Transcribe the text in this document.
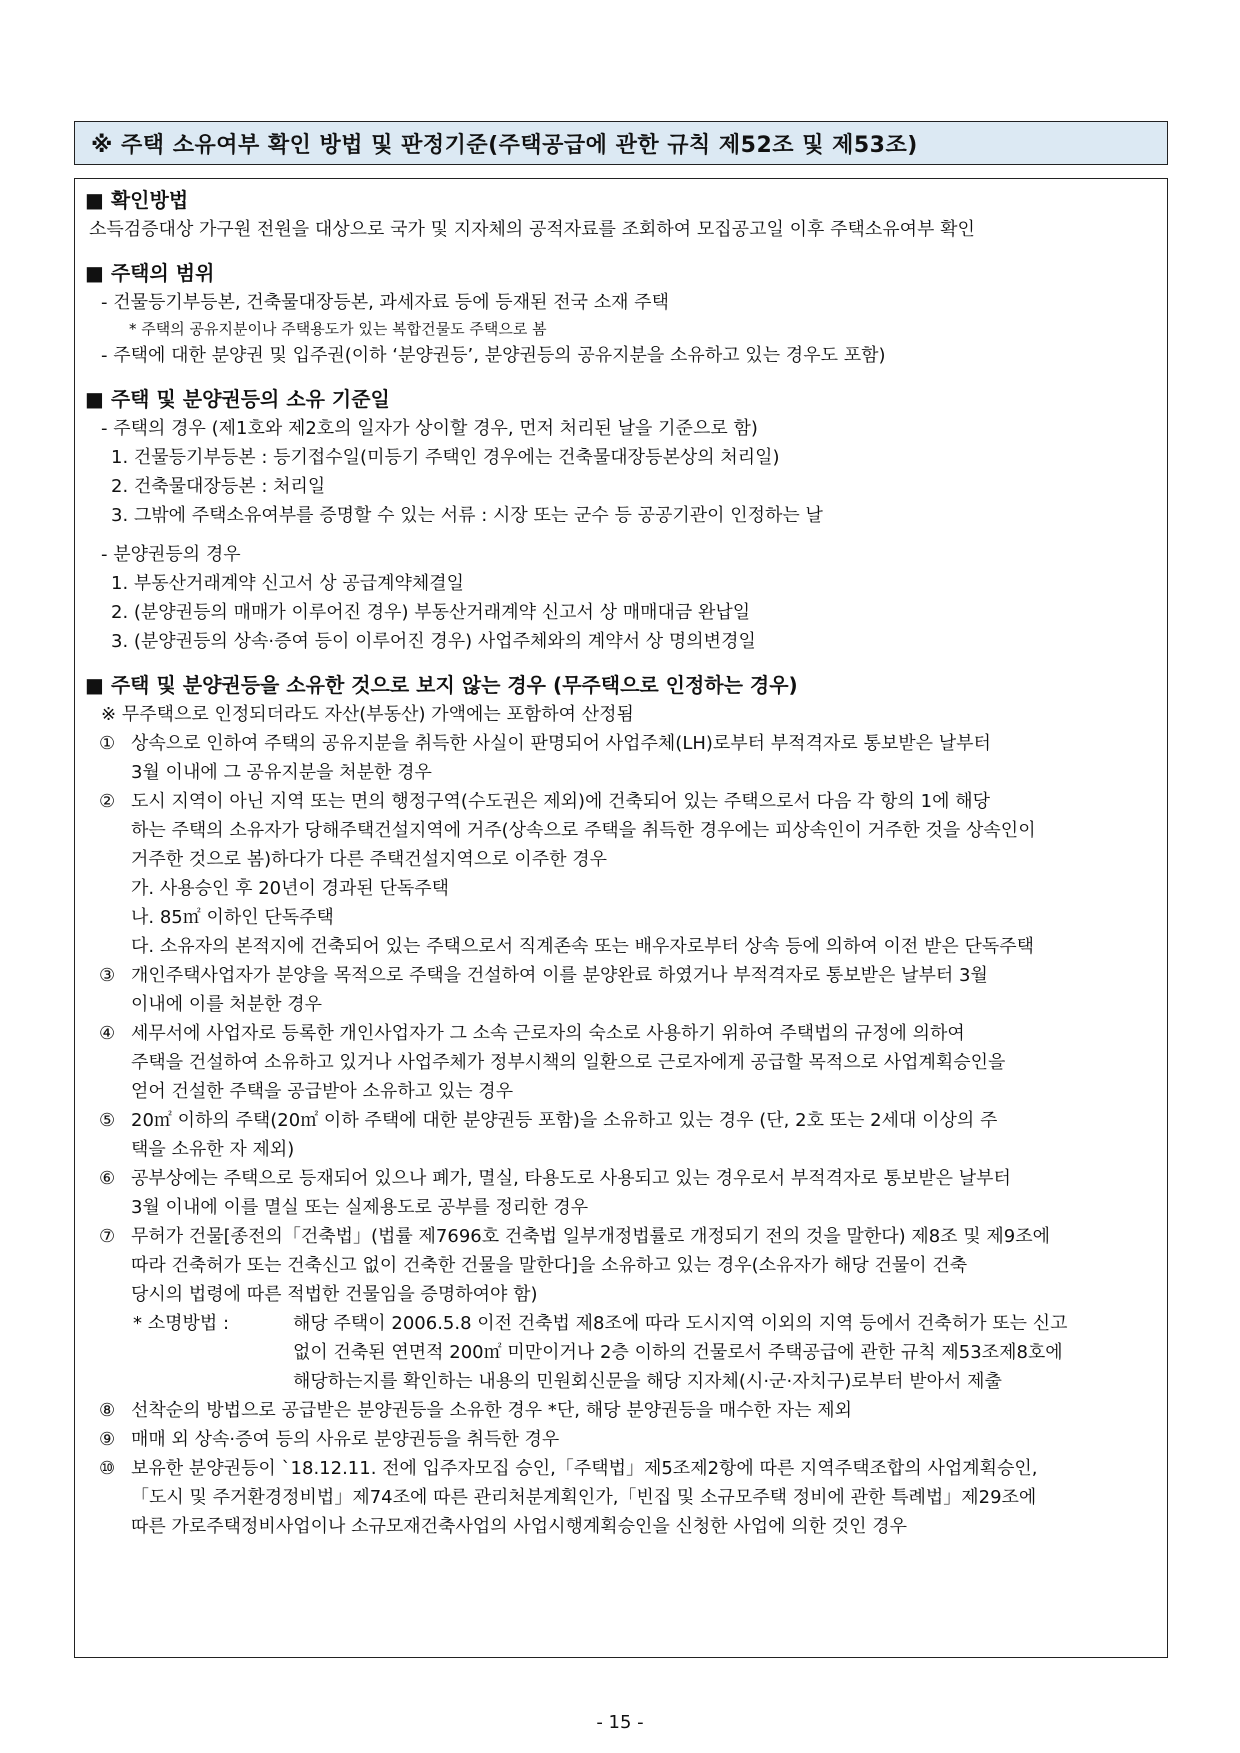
※ 주택 소유여부 확인 방법 및 판정기준(주택공급에 관한 규칙 제52조 및 제53조)
■ 확인방법
소득검증대상 가구원 전원을 대상으로 국가 및 지자체의 공적자료를 조회하여 모집공고일 이후 주택소유여부 확인
■ 주택의 범위
- 건물등기부등본, 건축물대장등본, 과세자료 등에 등재된 전국 소재 주택
* 주택의 공유지분이나 주택용도가 있는 복합건물도 주택으로 봄
- 주택에 대한 분양권 및 입주권(이하 ‘분양권등’, 분양권등의 공유지분을 소유하고 있는 경우도 포함)
■ 주택 및 분양권등의 소유 기준일
- 주택의 경우 (제1호와 제2호의 일자가 상이할 경우, 먼저 처리된 날을 기준으로 함)
1. 건물등기부등본 : 등기접수일(미등기 주택인 경우에는 건축물대장등본상의 처리일)
2. 건축물대장등본 : 처리일
3. 그밖에 주택소유여부를 증명할 수 있는 서류 : 시장 또는 군수 등 공공기관이 인정하는 날
- 분양권등의 경우
1. 부동산거래계약 신고서 상 공급계약체결일
2. (분양권등의 매매가 이루어진 경우) 부동산거래계약 신고서 상 매매대금 완납일
3. (분양권등의 상속·증여 등이 이루어진 경우) 사업주체와의 계약서 상 명의변경일
■ 주택 및 분양권등을 소유한 것으로 보지 않는 경우 (무주택으로 인정하는 경우)
※ 무주택으로 인정되더라도 자산(부동산) 가액에는 포함하여 산정됨
① 상속으로 인하여 주택의 공유지분을 취득한 사실이 판명되어 사업주체(LH)로부터 부적격자로 통보받은 날부터
3월 이내에 그 공유지분을 처분한 경우
② 도시 지역이 아닌 지역 또는 면의 행정구역(수도권은 제외)에 건축되어 있는 주택으로서 다음 각 항의 1에 해당
하는 주택의 소유자가 당해주택건설지역에 거주(상속으로 주택을 취득한 경우에는 피상속인이 거주한 것을 상속인이
거주한 것으로 봄)하다가 다른 주택건설지역으로 이주한 경우
가. 사용승인 후 20년이 경과된 단독주택
나. 85㎡ 이하인 단독주택
다. 소유자의 본적지에 건축되어 있는 주택으로서 직계존속 또는 배우자로부터 상속 등에 의하여 이전 받은 단독주택
③ 개인주택사업자가 분양을 목적으로 주택을 건설하여 이를 분양완료 하였거나 부적격자로 통보받은 날부터 3월
이내에 이를 처분한 경우
④ 세무서에 사업자로 등록한 개인사업자가 그 소속 근로자의 숙소로 사용하기 위하여 주택법의 규정에 의하여
주택을 건설하여 소유하고 있거나 사업주체가 정부시책의 일환으로 근로자에게 공급할 목적으로 사업계획승인을
얻어 건설한 주택을 공급받아 소유하고 있는 경우
⑤ 20㎡ 이하의 주택(20㎡ 이하 주택에 대한 분양권등 포함)을 소유하고 있는 경우 (단, 2호 또는 2세대 이상의 주
택을 소유한 자 제외)
⑥ 공부상에는 주택으로 등재되어 있으나 폐가, 멸실, 타용도로 사용되고 있는 경우로서 부적격자로 통보받은 날부터
3월 이내에 이를 멸실 또는 실제용도로 공부를 정리한 경우
⑦ 무허가 건물[종전의「건축법」(법률 제7696호 건축법 일부개정법률로 개정되기 전의 것을 말한다) 제8조 및 제9조에
따라 건축허가 또는 건축신고 없이 건축한 건물을 말한다]을 소유하고 있는 경우(소유자가 해당 건물이 건축
당시의 법령에 따른 적법한 건물임을 증명하여야 함)
* 소명방법 :	해당 주택이 2006.5.8 이전 건축법 제8조에 따라 도시지역 이외의 지역 등에서 건축허가 또는 신고
없이 건축된 연면적 200㎡ 미만이거나 2층 이하의 건물로서 주택공급에 관한 규칙 제53조제8호에
해당하는지를 확인하는 내용의 민원회신문을 해당 지자체(시·군·자치구)로부터 받아서 제출
⑧ 선착순의 방법으로 공급받은 분양권등을 소유한 경우 *단, 해당 분양권등을 매수한 자는 제외
⑨ 매매 외 상속·증여 등의 사유로 분양권등을 취득한 경우
⑩ 보유한 분양권등이 `18.12.11. 전에 입주자모집 승인,「주택법」제5조제2항에 따른 지역주택조합의 사업계획승인,
「도시 및 주거환경정비법」제74조에 따른 관리처분계획인가,「빈집 및 소규모주택 정비에 관한 특례법」제29조에
따른 가로주택정비사업이나 소규모재건축사업의 사업시행계획승인을 신청한 사업에 의한 것인 경우
- 15 -
